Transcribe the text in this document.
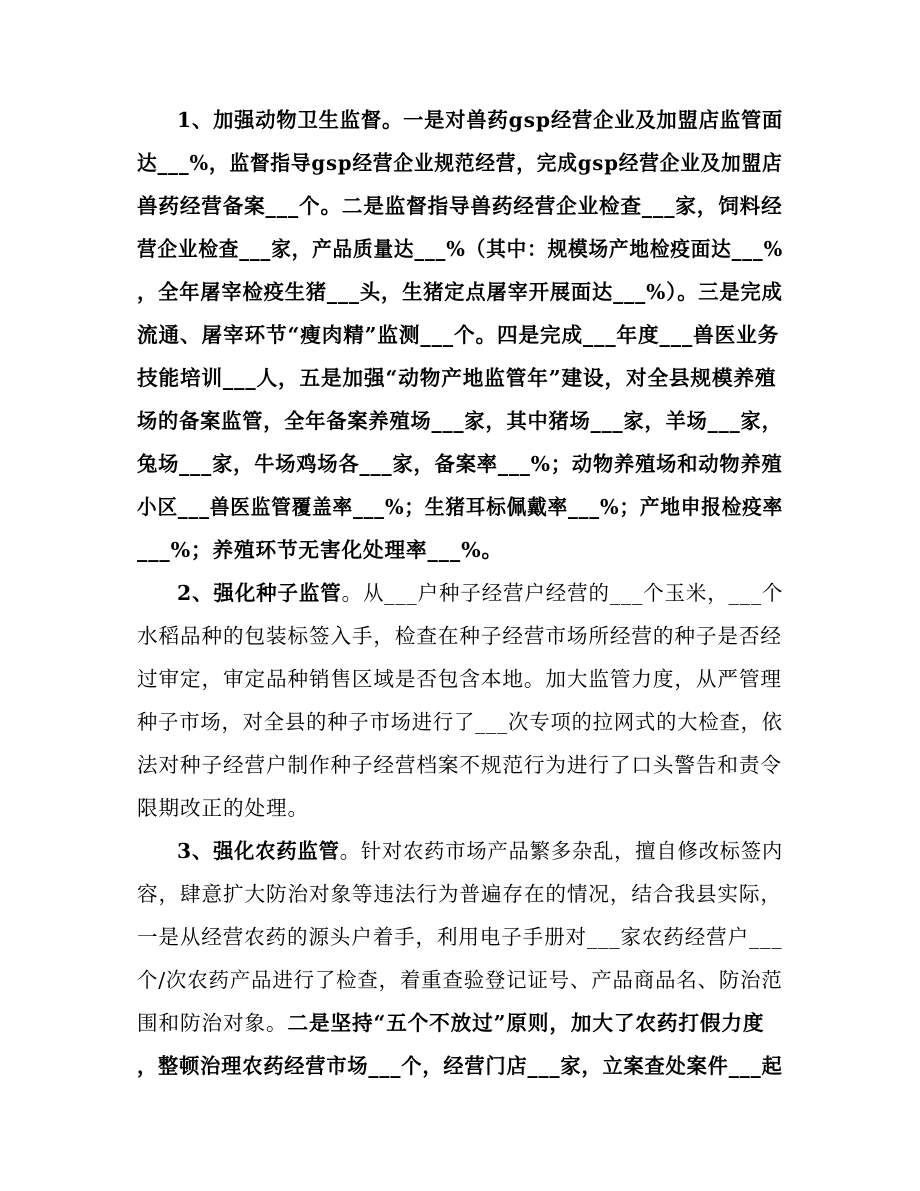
1、加强动物卫生监督。一是对兽药gsp经营企业及加盟店监管面
达___%，监督指导gsp经营企业规范经营，完成gsp经营企业及加盟店
兽药经营备案___个。二是监督指导兽药经营企业检查___家，饲料经
营企业检查___家，产品质量达___%（其中：规模场产地检疫面达___%
，全年屠宰检疫生猪___头，生猪定点屠宰开展面达___%）。三是完成
流通、屠宰环节“瘦肉精”监测___个。四是完成___年度___兽医业务
技能培训___人，五是加强“动物产地监管年”建设，对全县规模养殖
场的备案监管，全年备案养殖场___家，其中猪场___家，羊场___家，
兔场___家，牛场鸡场各___家，备案率___%；动物养殖场和动物养殖
小区___兽医监管覆盖率___%；生猪耳标佩戴率___%；产地申报检疫率
___%；养殖环节无害化处理率___%。
2、强化种子监管。从___户种子经营户经营的___个玉米，___个
水稻品种的包装标签入手，检查在种子经营市场所经营的种子是否经
过审定，审定品种销售区域是否包含本地。加大监管力度，从严管理
种子市场，对全县的种子市场进行了___次专项的拉网式的大检查，依
法对种子经营户制作种子经营档案不规范行为进行了口头警告和责令
限期改正的处理。
3、强化农药监管。针对农药市场产品繁多杂乱，擅自修改标签内
容，肆意扩大防治对象等违法行为普遍存在的情况，结合我县实际，
一是从经营农药的源头户着手，利用电子手册对___家农药经营户___
个/次农药产品进行了检查，着重查验登记证号、产品商品名、防治范
围和防治对象。二是坚持“五个不放过”原则，加大了农药打假力度
，整顿治理农药经营市场___个，经营门店___家，立案查处案件___起
